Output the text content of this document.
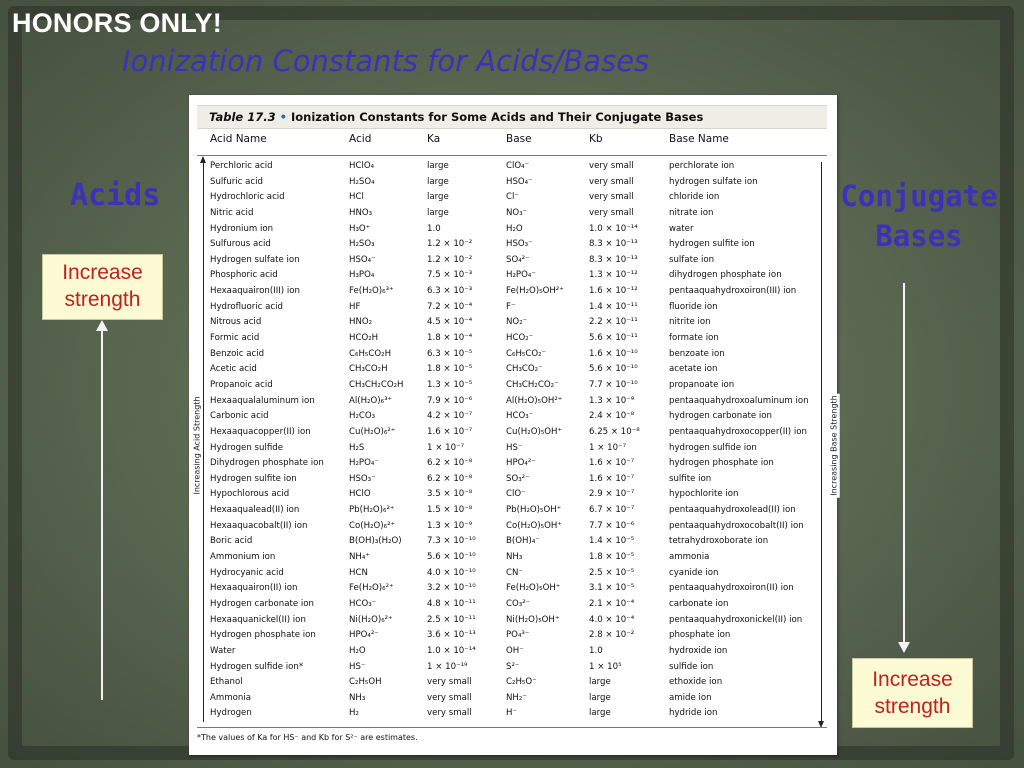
HONORS ONLY!
Ionization Constants for Acids/Bases
Acids	Conjugate
Bases
Increase
strength
Increase
strength
Table 17.3 • Ionization Constants for Some Acids and Their Conjugate Bases
Acid Name	Acid	Ka	Base	Kb	Base Name
Perchloric acid	HClO₄	large	ClO₄⁻	very small	perchlorate ion
Sulfuric acid	H₂SO₄	large	HSO₄⁻	very small	hydrogen sulfate ion
Hydrochloric acid	HCl	large	Cl⁻	very small	chloride ion
Nitric acid	HNO₃	large	NO₃⁻	very small	nitrate ion
Hydronium ion	H₃O⁺	1.0	H₂O	1.0 × 10⁻¹⁴	water
Sulfurous acid	H₂SO₃	1.2 × 10⁻²	HSO₃⁻	8.3 × 10⁻¹³	hydrogen sulfite ion
Hydrogen sulfate ion	HSO₄⁻	1.2 × 10⁻²	SO₄²⁻	8.3 × 10⁻¹³	sulfate ion
Phosphoric acid	H₃PO₄	7.5 × 10⁻³	H₂PO₄⁻	1.3 × 10⁻¹²	dihydrogen phosphate ion
Hexaaquairon(III) ion	Fe(H₂O)₆³⁺	6.3 × 10⁻³	Fe(H₂O)₅OH²⁺	1.6 × 10⁻¹²	pentaaquahydroxoiron(III) ion
Hydrofluoric acid	HF	7.2 × 10⁻⁴	F⁻	1.4 × 10⁻¹¹	fluoride ion
Nitrous acid	HNO₂	4.5 × 10⁻⁴	NO₂⁻	2.2 × 10⁻¹¹	nitrite ion
Formic acid	HCO₂H	1.8 × 10⁻⁴	HCO₂⁻	5.6 × 10⁻¹¹	formate ion
Benzoic acid	C₆H₅CO₂H	6.3 × 10⁻⁵	C₆H₅CO₂⁻	1.6 × 10⁻¹⁰	benzoate ion
Acetic acid	CH₃CO₂H	1.8 × 10⁻⁵	CH₃CO₂⁻	5.6 × 10⁻¹⁰	acetate ion
Propanoic acid	CH₃CH₂CO₂H	1.3 × 10⁻⁵	CH₃CH₂CO₂⁻	7.7 × 10⁻¹⁰	propanoate ion
Hexaaqualaluminum ion	Al(H₂O)₆³⁺	7.9 × 10⁻⁶	Al(H₂O)₅OH²⁺	1.3 × 10⁻⁹	pentaaquahydroxoaluminum ion
Carbonic acid	H₂CO₃	4.2 × 10⁻⁷	HCO₃⁻	2.4 × 10⁻⁸	hydrogen carbonate ion
Hexaaquacopper(II) ion	Cu(H₂O)₆²⁺	1.6 × 10⁻⁷	Cu(H₂O)₅OH⁺	6.25 × 10⁻⁸	pentaaquahydroxocopper(II) ion
Hydrogen sulfide	H₂S	1 × 10⁻⁷	HS⁻	1 × 10⁻⁷	hydrogen sulfide ion
Dihydrogen phosphate ion	H₂PO₄⁻	6.2 × 10⁻⁸	HPO₄²⁻	1.6 × 10⁻⁷	hydrogen phosphate ion
Hydrogen sulfite ion	HSO₃⁻	6.2 × 10⁻⁸	SO₃²⁻	1.6 × 10⁻⁷	sulfite ion
Hypochlorous acid	HClO	3.5 × 10⁻⁸	ClO⁻	2.9 × 10⁻⁷	hypochlorite ion
Hexaaqualead(II) ion	Pb(H₂O)₆²⁺	1.5 × 10⁻⁸	Pb(H₂O)₅OH⁺	6.7 × 10⁻⁷	pentaaquahydroxolead(II) ion
Hexaaquacobalt(II) ion	Co(H₂O)₆²⁺	1.3 × 10⁻⁹	Co(H₂O)₅OH⁺	7.7 × 10⁻⁶	pentaaquahydroxocobalt(II) ion
Boric acid	B(OH)₃(H₂O)	7.3 × 10⁻¹⁰	B(OH)₄⁻	1.4 × 10⁻⁵	tetrahydroxoborate ion
Ammonium ion	NH₄⁺	5.6 × 10⁻¹⁰	NH₃	1.8 × 10⁻⁵	ammonia
Hydrocyanic acid	HCN	4.0 × 10⁻¹⁰	CN⁻	2.5 × 10⁻⁵	cyanide ion
Hexaaquairon(II) ion	Fe(H₂O)₆²⁺	3.2 × 10⁻¹⁰	Fe(H₂O)₅OH⁺	3.1 × 10⁻⁵	pentaaquahydroxoiron(II) ion
Hydrogen carbonate ion	HCO₃⁻	4.8 × 10⁻¹¹	CO₃²⁻	2.1 × 10⁻⁴	carbonate ion
Hexaaquanickel(II) ion	Ni(H₂O)₆²⁺	2.5 × 10⁻¹¹	Ni(H₂O)₅OH⁺	4.0 × 10⁻⁴	pentaaquahydroxonickel(II) ion
Hydrogen phosphate ion	HPO₄²⁻	3.6 × 10⁻¹³	PO₄³⁻	2.8 × 10⁻²	phosphate ion
Water	H₂O	1.0 × 10⁻¹⁴	OH⁻	1.0	hydroxide ion
Hydrogen sulfide ion*	HS⁻	1 × 10⁻¹⁹	S²⁻	1 × 10⁵	sulfide ion
Ethanol	C₂H₅OH	very small	C₂H₅O⁻	large	ethoxide ion
Ammonia	NH₃	very small	NH₂⁻	large	amide ion
Hydrogen	H₂	very small	H⁻	large	hydride ion
Increasing Acid Strength	Increasing Base Strength
*The values of Ka for HS⁻ and Kb for S²⁻ are estimates.
